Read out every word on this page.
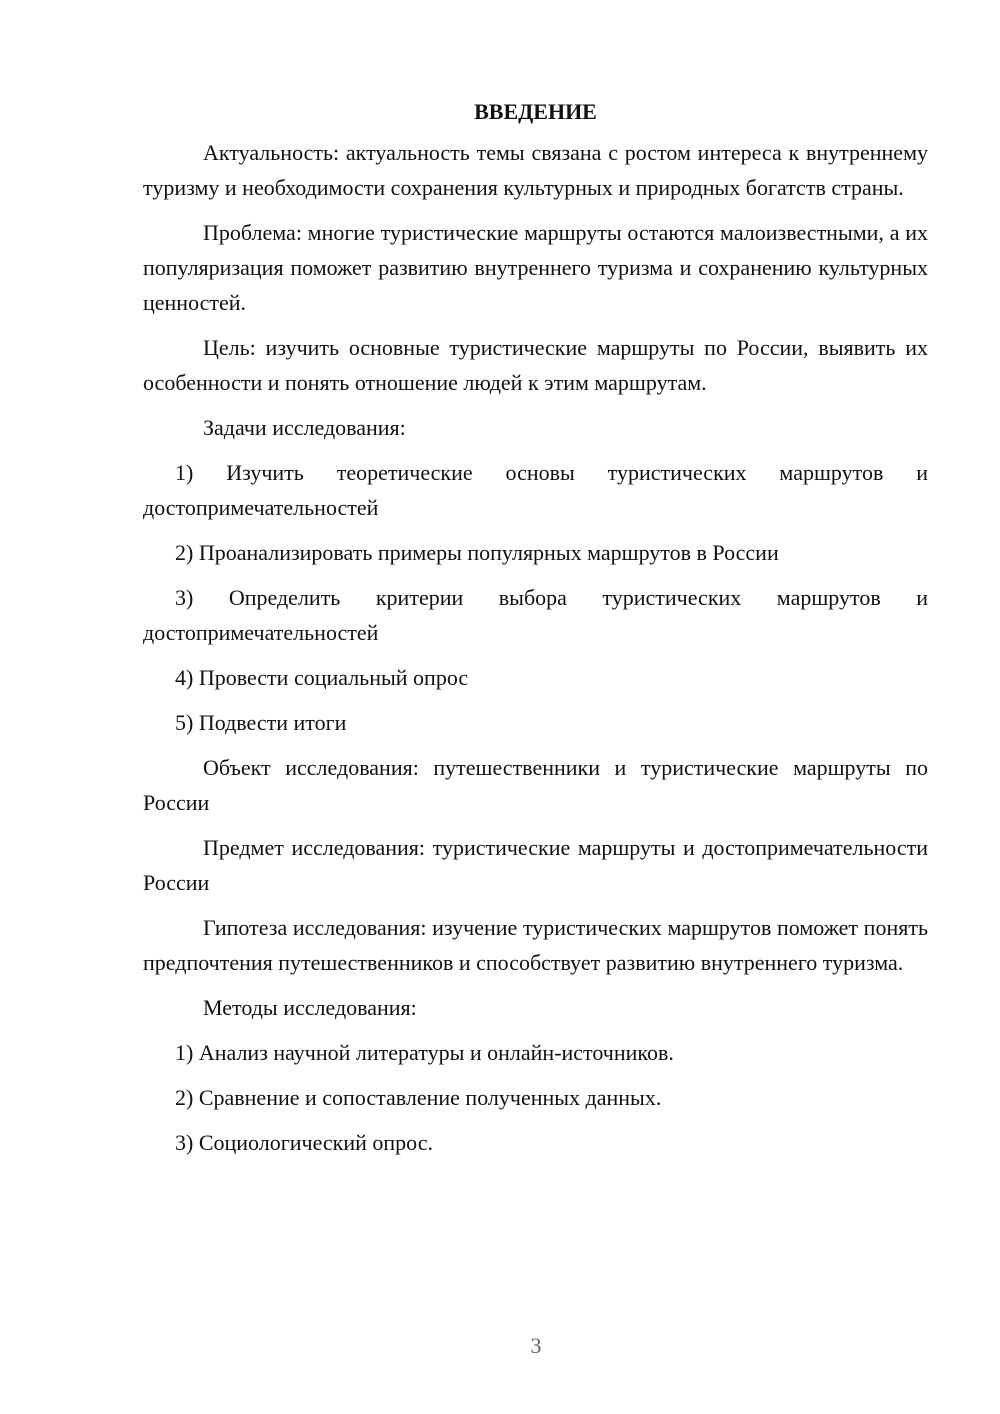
ВВЕДЕНИЕ

Актуальность: актуальность темы связана с ростом интереса к внутреннему туризму и необходимости сохранения культурных и природных богатств страны.

Проблема: многие туристические маршруты остаются малоизвестными, а их популяризация поможет развитию внутреннего туризма и сохранению культурных ценностей.

Цель: изучить основные туристические маршруты по России, выявить их особенности и понять отношение людей к этим маршрутам.

Задачи исследования:

1) Изучить теоретические основы туристических маршрутов и достопримечательностей

2) Проанализировать примеры популярных маршрутов в России

3) Определить критерии выбора туристических маршрутов и достопримечательностей

4) Провести социальный опрос

5) Подвести итоги

Объект исследования: путешественники и туристические маршруты по России

Предмет исследования: туристические маршруты и достопримечательности России

Гипотеза исследования: изучение туристических маршрутов поможет понять предпочтения путешественников и способствует развитию внутреннего туризма.

Методы исследования:

1) Анализ научной литературы и онлайн-источников.

2) Сравнение и сопоставление полученных данных.

3) Социологический опрос.

3
